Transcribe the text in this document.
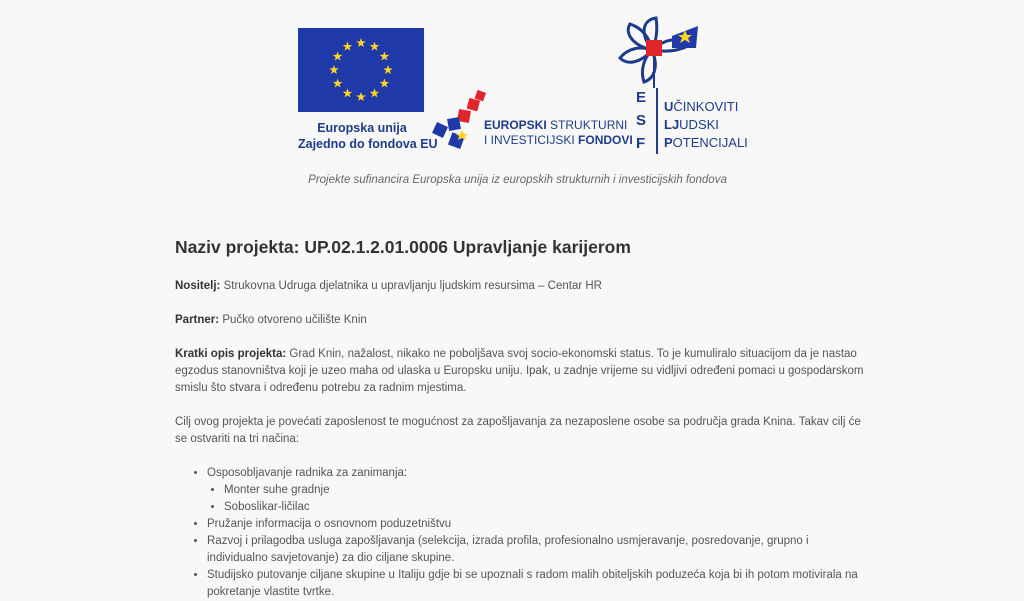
Europska unija
Zajedno do fondova EU
EUROPSKI STRUKTURNI
I INVESTICIJSKI FONDOVI
E
S
F
UČINKOVITI
LJUDSKI
POTENCIJALI
Projekte sufinancira Europska unija iz europskih strukturnih i investicijskih fondova
Naziv projekta: UP.02.1.2.01.0006 Upravljanje karijerom

Nositelj: Strukovna Udruga djelatnika u upravljanju ljudskim resursima – Centar HR

Partner: Pučko otvoreno učilište Knin

Kratki opis projekta: Grad Knin, nažalost, nikako ne poboljšava svoj socio-ekonomski status. To je kumuliralo situacijom da je nastao egzodus stanovništva koji je uzeo maha od ulaska u Europsku uniju. Ipak, u zadnje vrijeme su vidljivi određeni pomaci u gospodarskom smislu što stvara i određenu potrebu za radnim mjestima.

Cilj ovog projekta je povećati zaposlenost te mogućnost za zapošljavanja za nezaposlene osobe sa područja grada Knina. Takav cilj će se ostvariti na tri načina:

• Osposobljavanje radnika za zanimanja:
• Monter suhe gradnje
• Soboslikar-ličilac
• Pružanje informacija o osnovnom poduzetništvu
• Razvoj i prilagodba usluga zapošljavanja (selekcija, izrada profila, profesionalno usmjeravanje, posredovanje, grupno i individualno savjetovanje) za dio ciljane skupine.
• Studijsko putovanje ciljane skupine u Italiju gdje bi se upoznali s radom malih obiteljskih poduzeća koja bi ih potom motivirala na pokretanje vlastite tvrtke.
